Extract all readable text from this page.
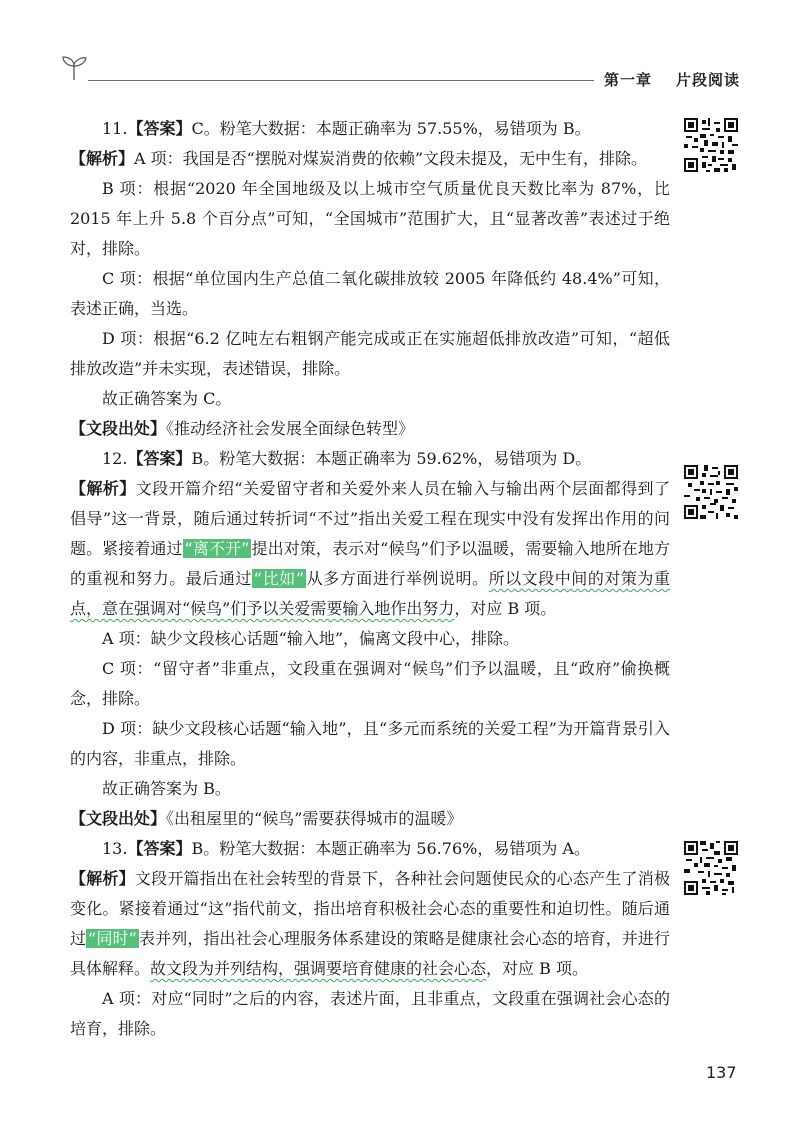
第一章 片段阅读

11.【答案】C。粉笔大数据：本题正确率为 57.55%，易错项为 B。

【解析】A 项：我国是否“摆脱对煤炭消费的依赖”文段未提及，无中生有，排除。

B 项：根据“2020 年全国地级及以上城市空气质量优良天数比率为 87%，比 2015 年上升 5.8 个百分点”可知，“全国城市”范围扩大，且“显著改善”表述过于绝对，排除。

C 项：根据“单位国内生产总值二氧化碳排放较 2005 年降低约 48.4%”可知，表述正确，当选。

D 项：根据“6.2 亿吨左右粗钢产能完成或正在实施超低排放改造”可知，“超低排放改造”并未实现，表述错误，排除。

故正确答案为 C。

【文段出处】《推动经济社会发展全面绿色转型》

12.【答案】B。粉笔大数据：本题正确率为 59.62%，易错项为 D。

【解析】文段开篇介绍“关爱留守者和关爱外来人员在输入与输出两个层面都得到了倡导”这一背景，随后通过转折词“不过”指出关爱工程在现实中没有发挥出作用的问题。紧接着通过 “离不开” 提出对策，表示对“候鸟”们予以温暖，需要输入地所在地方的重视和努力。最后通过 “比如” 从多方面进行举例说明。所以文段中间的对策为重点，意在强调对“候鸟”们予以关爱需要输入地作出努力，对应 B 项。

A 项：缺少文段核心话题“输入地”，偏离文段中心，排除。

C 项：“留守者”非重点，文段重在强调对“候鸟”们予以温暖，且“政府”偷换概念，排除。

D 项：缺少文段核心话题“输入地”，且“多元而系统的关爱工程”为开篇背景引入的内容，非重点，排除。

故正确答案为 B。

【文段出处】《出租屋里的“候鸟”需要获得城市的温暖》

13.【答案】B。粉笔大数据：本题正确率为 56.76%，易错项为 A。

【解析】文段开篇指出在社会转型的背景下，各种社会问题使民众的心态产生了消极变化。紧接着通过“这”指代前文，指出培育积极社会心态的重要性和迫切性。随后通过 “同时” 表并列，指出社会心理服务体系建设的策略是健康社会心态的培育，并进行具体解释。故文段为并列结构，强调要培育健康的社会心态，对应 B 项。

A 项：对应“同时”之后的内容，表述片面，且非重点，文段重在强调社会心态的培育，排除。

137
